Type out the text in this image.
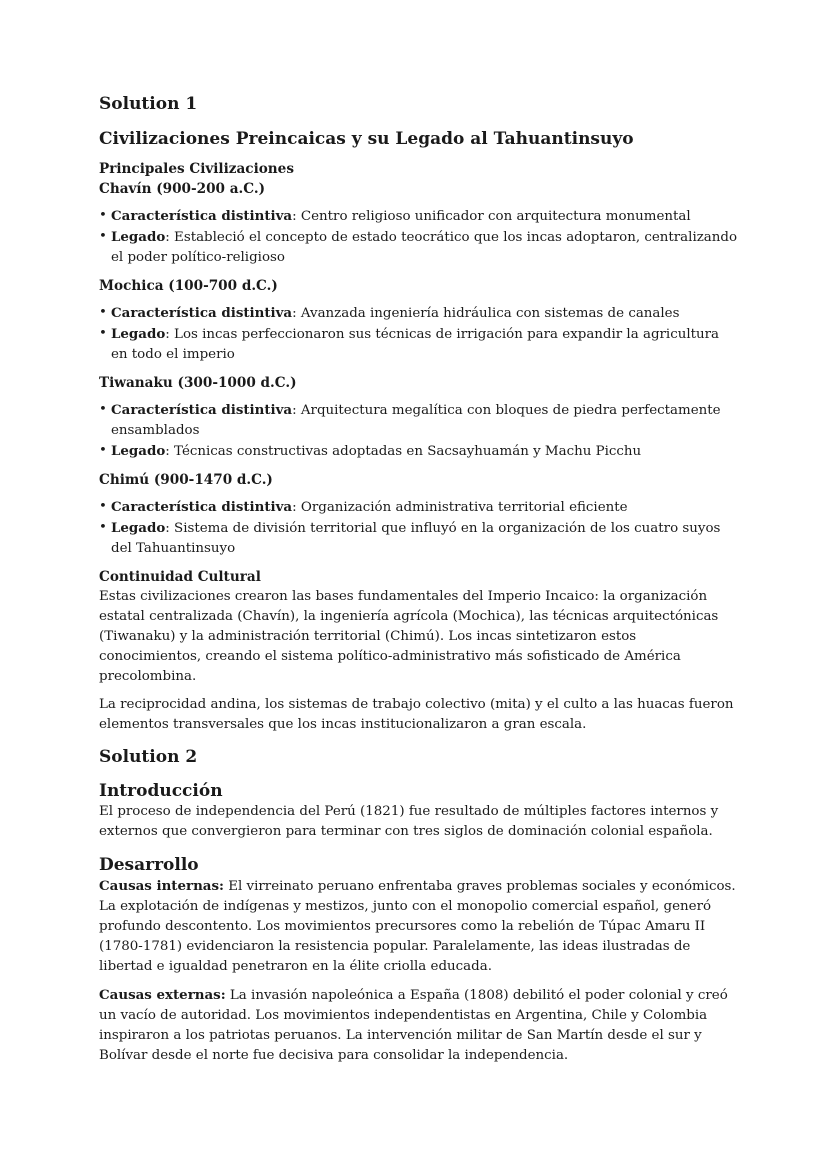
Solution 1
Civilizaciones Preincaicas y su Legado al Tahuantinsuyo
Principales Civilizaciones
Chavín (900-200 a.C.)
• Característica distintiva: Centro religioso unificador con arquitectura monumental
• Legado: Estableció el concepto de estado teocrático que los incas adoptaron, centralizando el poder político-religioso
Mochica (100-700 d.C.)
• Característica distintiva: Avanzada ingeniería hidráulica con sistemas de canales
• Legado: Los incas perfeccionaron sus técnicas de irrigación para expandir la agricultura en todo el imperio
Tiwanaku (300-1000 d.C.)
• Característica distintiva: Arquitectura megalítica con bloques de piedra perfectamente ensamblados
• Legado: Técnicas constructivas adoptadas en Sacsayhuamán y Machu Picchu
Chimú (900-1470 d.C.)
• Característica distintiva: Organización administrativa territorial eficiente
• Legado: Sistema de división territorial que influyó en la organización de los cuatro suyos del Tahuantinsuyo
Continuidad Cultural

Estas civilizaciones crearon las bases fundamentales del Imperio Incaico: la organización estatal centralizada (Chavín), la ingeniería agrícola (Mochica), las técnicas arquitectónicas (Tiwanaku) y la administración territorial (Chimú). Los incas sintetizaron estos conocimientos, creando el sistema político-administrativo más sofisticado de América precolombina.

La reciprocidad andina, los sistemas de trabajo colectivo (mita) y el culto a las huacas fueron elementos transversales que los incas institucionalizaron a gran escala.

Solution 2
Introducción

El proceso de independencia del Perú (1821) fue resultado de múltiples factores internos y externos que convergieron para terminar con tres siglos de dominación colonial española.

Desarrollo

Causas internas: El virreinato peruano enfrentaba graves problemas sociales y económicos. La explotación de indígenas y mestizos, junto con el monopolio comercial español, generó profundo descontento. Los movimientos precursores como la rebelión de Túpac Amaru II (1780-1781) evidenciaron la resistencia popular. Paralelamente, las ideas ilustradas de libertad e igualdad penetraron en la élite criolla educada.

Causas externas: La invasión napoleónica a España (1808) debilitó el poder colonial y creó un vacío de autoridad. Los movimientos independentistas en Argentina, Chile y Colombia inspiraron a los patriotas peruanos. La intervención militar de San Martín desde el sur y Bolívar desde el norte fue decisiva para consolidar la independencia.
